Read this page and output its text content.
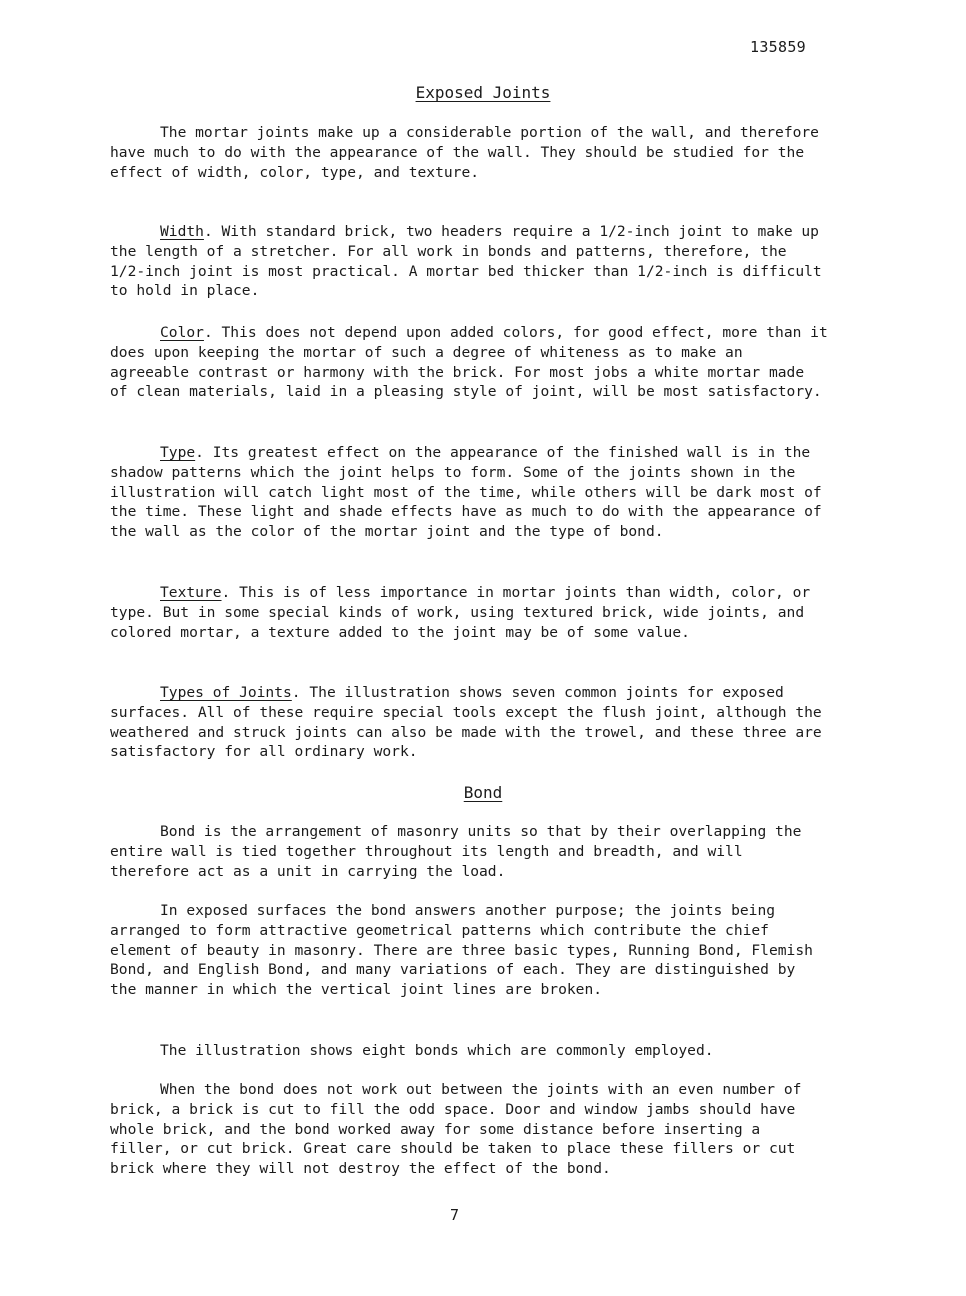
135859
Exposed Joints

The mortar joints make up a considerable portion of the wall, and therefore have much to do with the appearance of the wall. They should be studied for the effect of width, color, type, and texture.

Width. With standard brick, two headers require a 1/2-inch joint to make up the length of a stretcher. For all work in bonds and patterns, therefore, the 1/2-inch joint is most practical. A mortar bed thicker than 1/2-inch is difficult to hold in place.

Color. This does not depend upon added colors, for good effect, more than it does upon keeping the mortar of such a degree of whiteness as to make an agreeable contrast or harmony with the brick. For most jobs a white mortar made of clean materials, laid in a pleasing style of joint, will be most satisfactory.

Type. Its greatest effect on the appearance of the finished wall is in the shadow patterns which the joint helps to form. Some of the joints shown in the illustration will catch light most of the time, while others will be dark most of the time. These light and shade effects have as much to do with the appearance of the wall as the color of the mortar joint and the type of bond.

Texture. This is of less importance in mortar joints than width, color, or type. But in some special kinds of work, using textured brick, wide joints, and colored mortar, a texture added to the joint may be of some value.

Types of Joints. The illustration shows seven common joints for exposed surfaces. All of these require special tools except the flush joint, although the weathered and struck joints can also be made with the trowel, and these three are satisfactory for all ordinary work.

Bond

Bond is the arrangement of masonry units so that by their overlapping the entire wall is tied together throughout its length and breadth, and will therefore act as a unit in carrying the load.

In exposed surfaces the bond answers another purpose; the joints being arranged to form attractive geometrical patterns which contribute the chief element of beauty in masonry. There are three basic types, Running Bond, Flemish Bond, and English Bond, and many variations of each. They are distinguished by the manner in which the vertical joint lines are broken.

The illustration shows eight bonds which are commonly employed.

When the bond does not work out between the joints with an even number of brick, a brick is cut to fill the odd space. Door and window jambs should have whole brick, and the bond worked away for some distance before inserting a filler, or cut brick. Great care should be taken to place these fillers or cut brick where they will not destroy the effect of the bond.

7
